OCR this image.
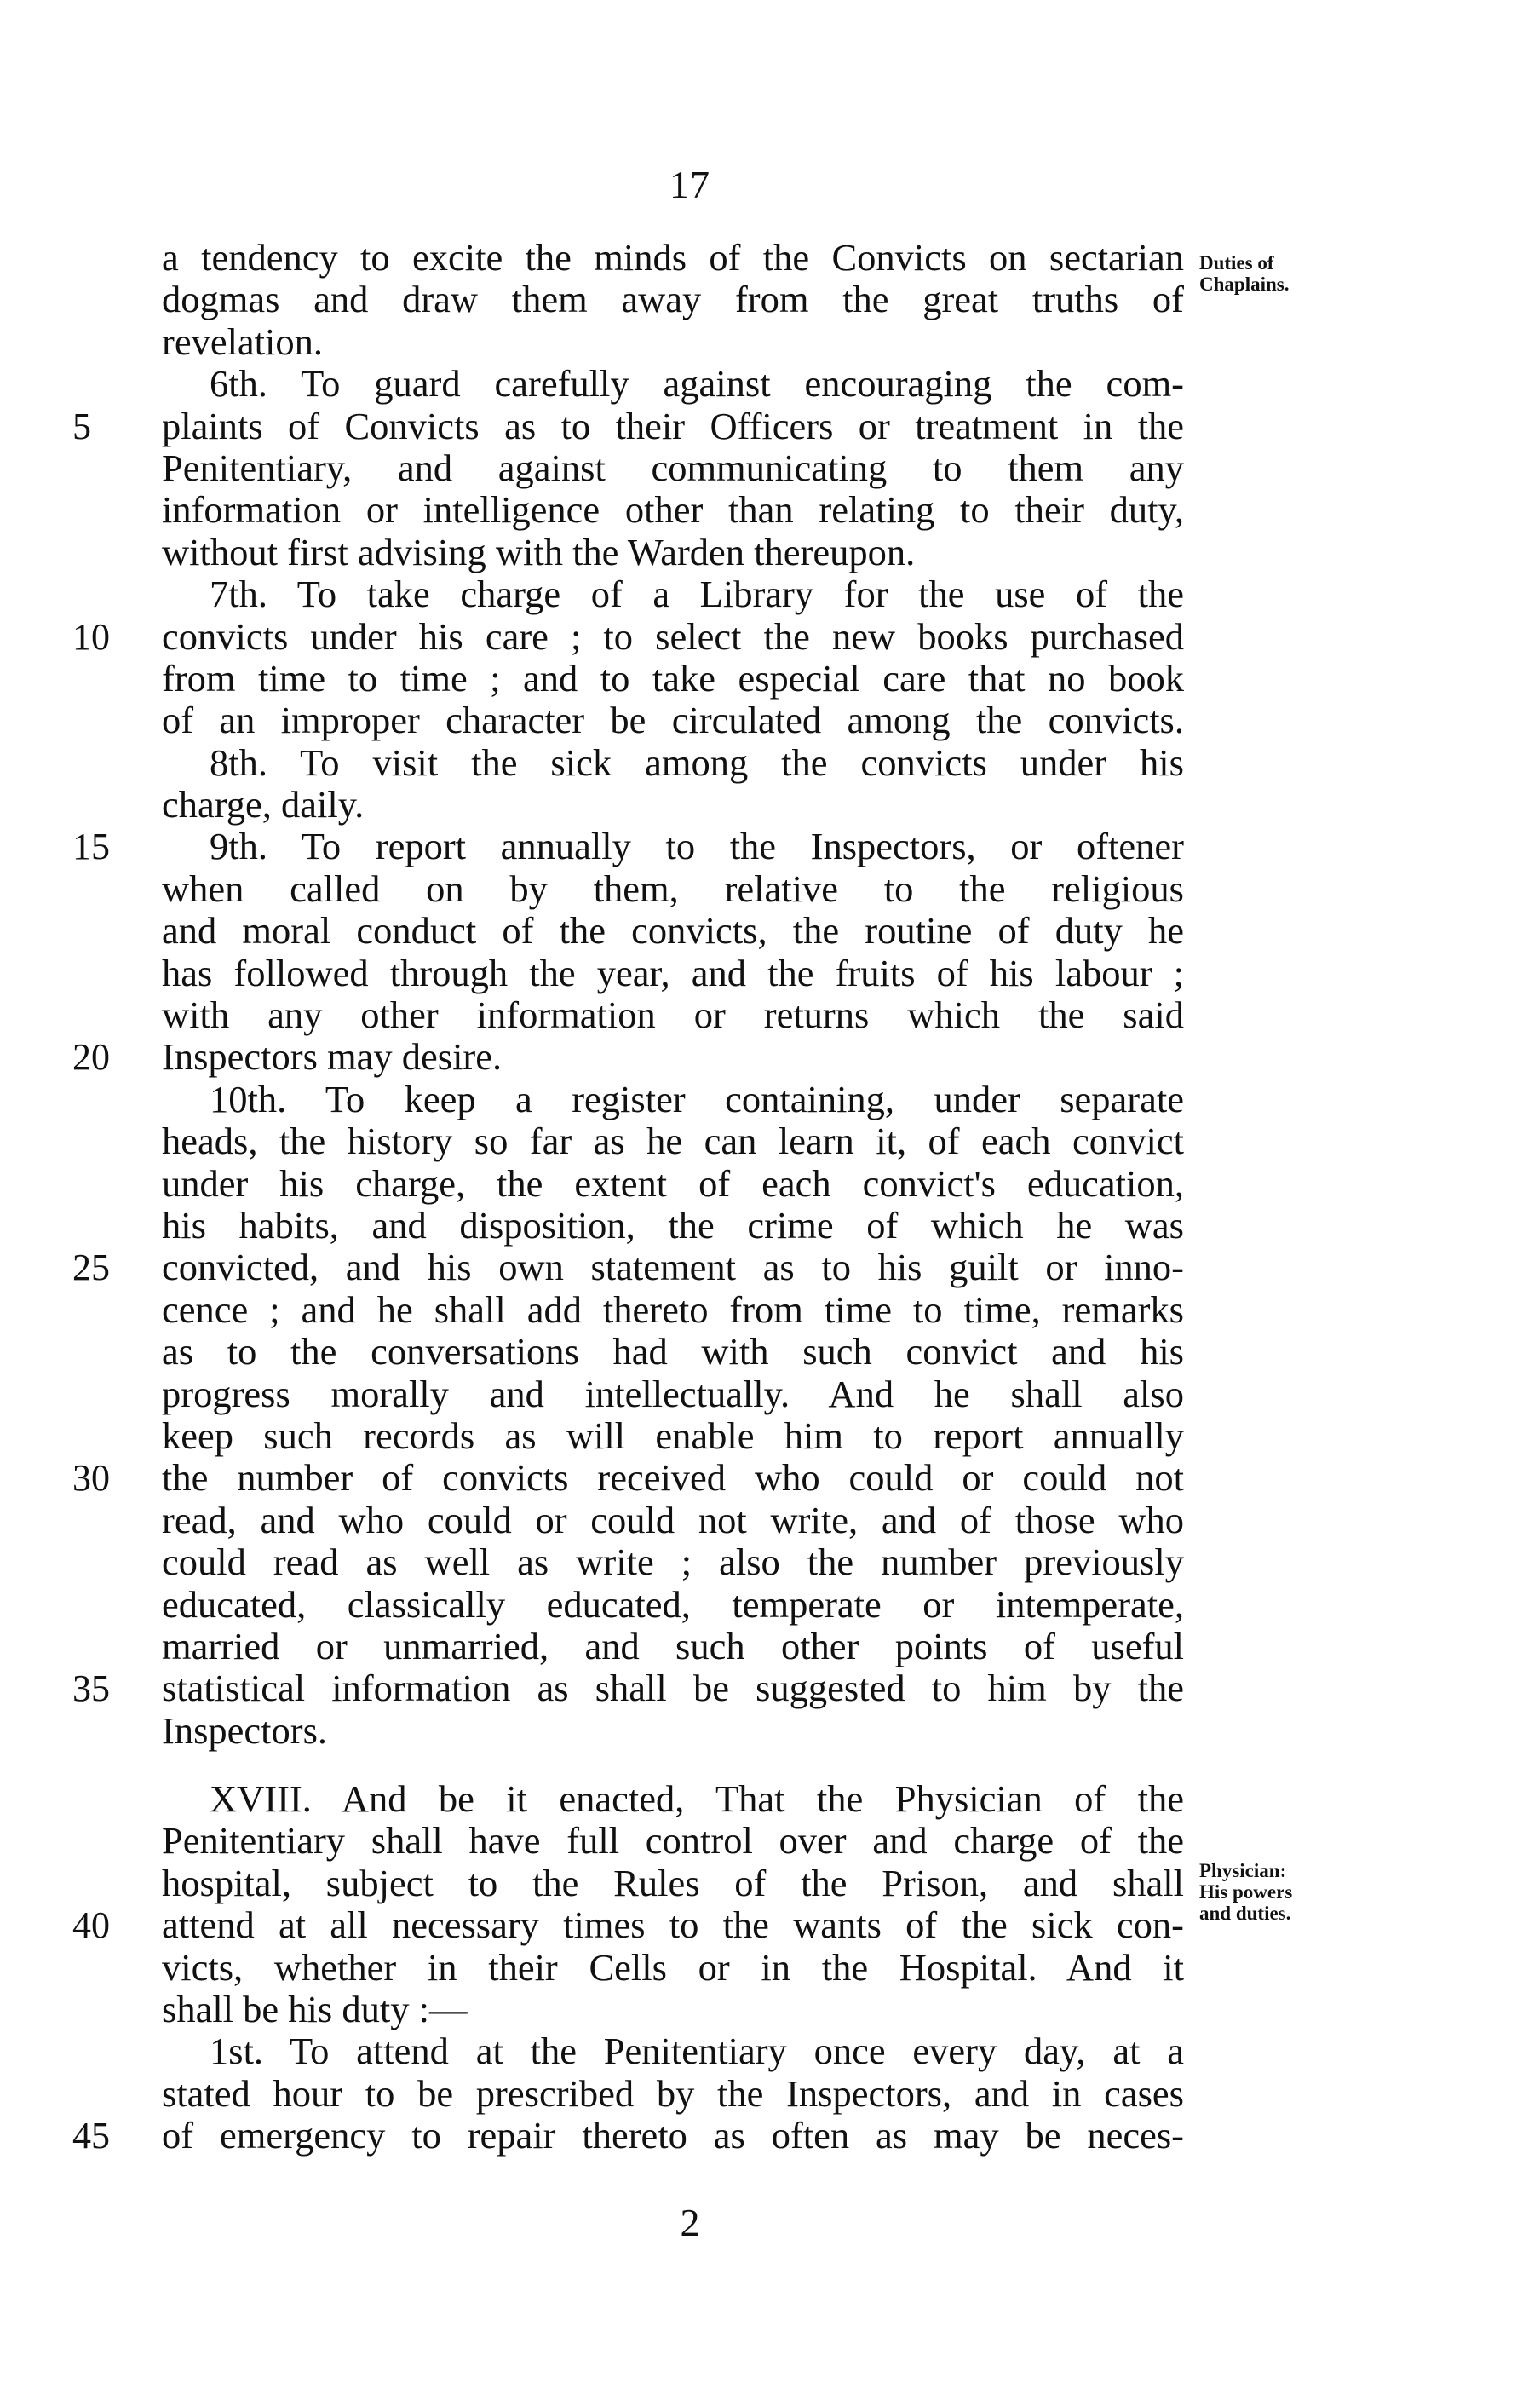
17
Duties of
Chaplains.
Physician:
His powers
and duties.
a tendency to excite the minds of the Convicts on sectarian
dogmas and draw them away from the great truths of
revelation.
6th. To guard carefully against encouraging the com-
5	plaints of Convicts as to their Officers or treatment in the
Penitentiary, and against communicating to them any
information or intelligence other than relating to their duty,
without first advising with the Warden thereupon.
7th. To take charge of a Library for the use of the
10	convicts under his care ; to select the new books purchased
from time to time ; and to take especial care that no book
of an improper character be circulated among the convicts.
8th. To visit the sick among the convicts under his
charge, daily.
15	9th. To report annually to the Inspectors, or oftener
when called on by them, relative to the religious
and moral conduct of the convicts, the routine of duty he
has followed through the year, and the fruits of his labour ;
with any other information or returns which the said
20	Inspectors may desire.
10th. To keep a register containing, under separate
heads, the history so far as he can learn it, of each convict
under his charge, the extent of each convict's education,
his habits, and disposition, the crime of which he was
25	convicted, and his own statement as to his guilt or inno-
cence ; and he shall add thereto from time to time, remarks
as to the conversations had with such convict and his
progress morally and intellectually. And he shall also
keep such records as will enable him to report annually
30	the number of convicts received who could or could not
read, and who could or could not write, and of those who
could read as well as write ; also the number previously
educated, classically educated, temperate or intemperate,
married or unmarried, and such other points of useful
35	statistical information as shall be suggested to him by the
Inspectors.
XVIII. And be it enacted, That the Physician of the
Penitentiary shall have full control over and charge of the
hospital, subject to the Rules of the Prison, and shall
40	attend at all necessary times to the wants of the sick con-
victs, whether in their Cells or in the Hospital. And it
shall be his duty :—
1st. To attend at the Penitentiary once every day, at a
stated hour to be prescribed by the Inspectors, and in cases
45	of emergency to repair thereto as often as may be neces-
2
